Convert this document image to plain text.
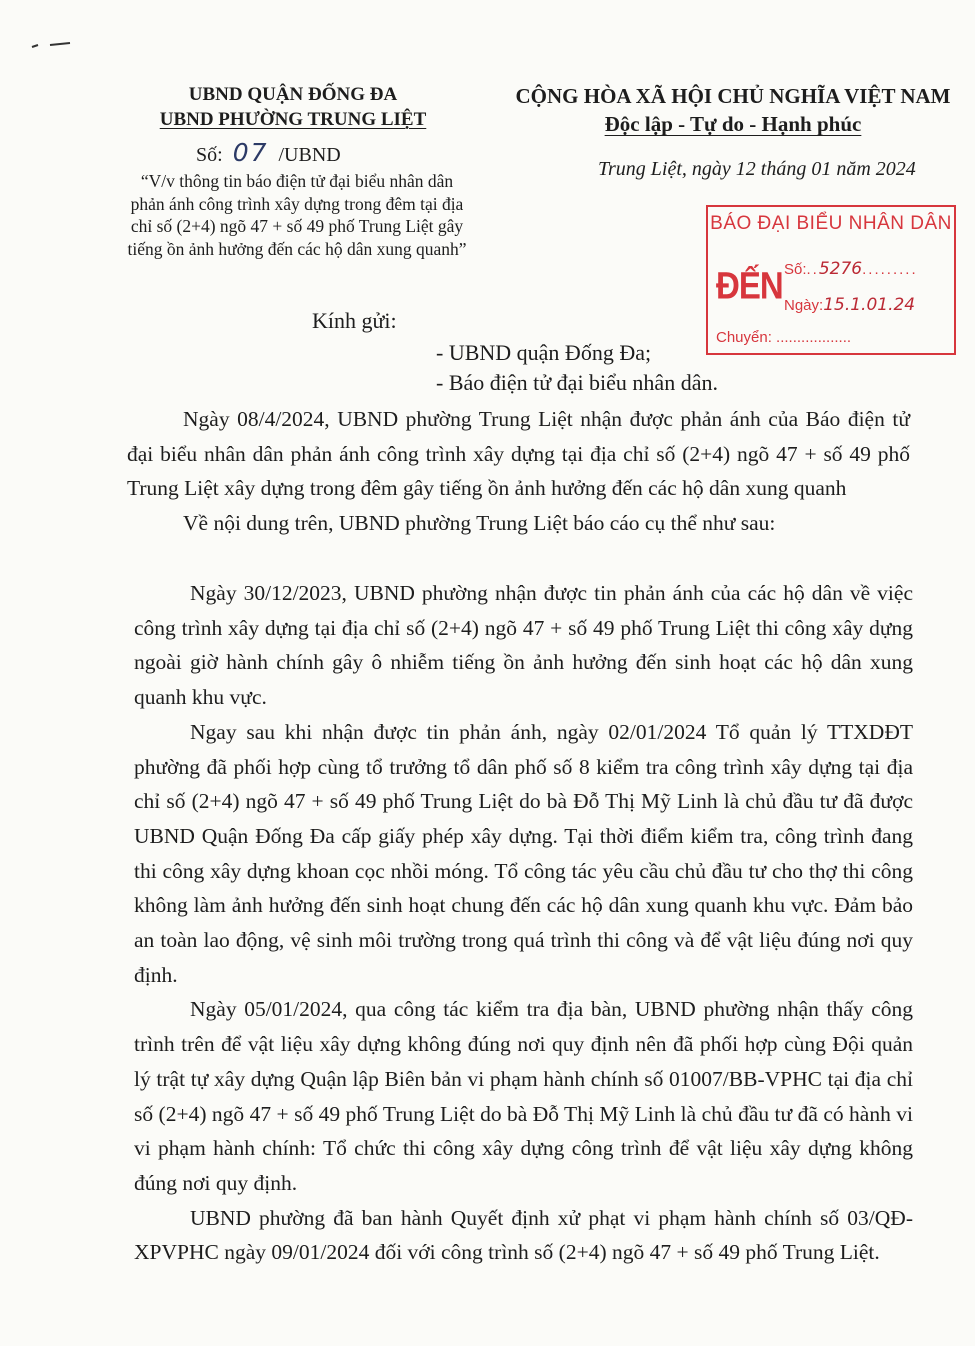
UBND QUẬN ĐỐNG ĐA
UBND PHƯỜNG TRUNG LIỆT
Số: 07 /UBND
“V/v thông tin báo điện tử đại biểu nhân dân phản ánh công trình xây dựng trong đêm tại địa chỉ số (2+4) ngõ 47 + số 49 phố Trung Liệt gây tiếng ồn ảnh hưởng đến các hộ dân xung quanh”
CỘNG HÒA XÃ HỘI CHỦ NGHĨA VIỆT NAM
Độc lập - Tự do - Hạnh phúc
Trung Liệt, ngày 12 tháng 01 năm 2024
BÁO ĐẠI BIỂU NHÂN DÂN
ĐẾN Số:..5276.........
Ngày:15.1.01.24
Chuyển: ..................
Kính gửi:
- UBND quận Đống Đa;
- Báo điện tử đại biểu nhân dân.

Ngày 08/4/2024, UBND phường Trung Liệt nhận được phản ánh của Báo điện tử đại biểu nhân dân phản ánh công trình xây dựng tại địa chỉ số (2+4) ngõ 47 + số 49 phố Trung Liệt xây dựng trong đêm gây tiếng ồn ảnh hưởng đến các hộ dân xung quanh

Về nội dung trên, UBND phường Trung Liệt báo cáo cụ thể như sau:

Ngày 30/12/2023, UBND phường nhận được tin phản ánh của các hộ dân về việc công trình xây dựng tại địa chỉ số (2+4) ngõ 47 + số 49 phố Trung Liệt thi công xây dựng ngoài giờ hành chính gây ô nhiễm tiếng ồn ảnh hưởng đến sinh hoạt các hộ dân xung quanh khu vực.

Ngay sau khi nhận được tin phản ánh, ngày 02/01/2024 Tổ quản lý TTXDĐT phường đã phối hợp cùng tổ trưởng tổ dân phố số 8 kiểm tra công trình xây dựng tại địa chỉ số (2+4) ngõ 47 + số 49 phố Trung Liệt do bà Đỗ Thị Mỹ Linh là chủ đầu tư đã được UBND Quận Đống Đa cấp giấy phép xây dựng. Tại thời điểm kiểm tra, công trình đang thi công xây dựng khoan cọc nhồi móng. Tổ công tác yêu cầu chủ đầu tư cho thợ thi công không làm ảnh hưởng đến sinh hoạt chung đến các hộ dân xung quanh khu vực. Đảm bảo an toàn lao động, vệ sinh môi trường trong quá trình thi công và để vật liệu đúng nơi quy định.

Ngày 05/01/2024, qua công tác kiểm tra địa bàn, UBND phường nhận thấy công trình trên để vật liệu xây dựng không đúng nơi quy định nên đã phối hợp cùng Đội quản lý trật tự xây dựng Quận lập Biên bản vi phạm hành chính số 01007/BB-VPHC tại địa chỉ số (2+4) ngõ 47 + số 49 phố Trung Liệt do bà Đỗ Thị Mỹ Linh là chủ đầu tư đã có hành vi vi phạm hành chính: Tổ chức thi công xây dựng công trình để vật liệu xây dựng không đúng nơi quy định.

UBND phường đã ban hành Quyết định xử phạt vi phạm hành chính số 03/QĐ-XPVPHC ngày 09/01/2024 đối với công trình số (2+4) ngõ 47 + số 49 phố Trung Liệt.
